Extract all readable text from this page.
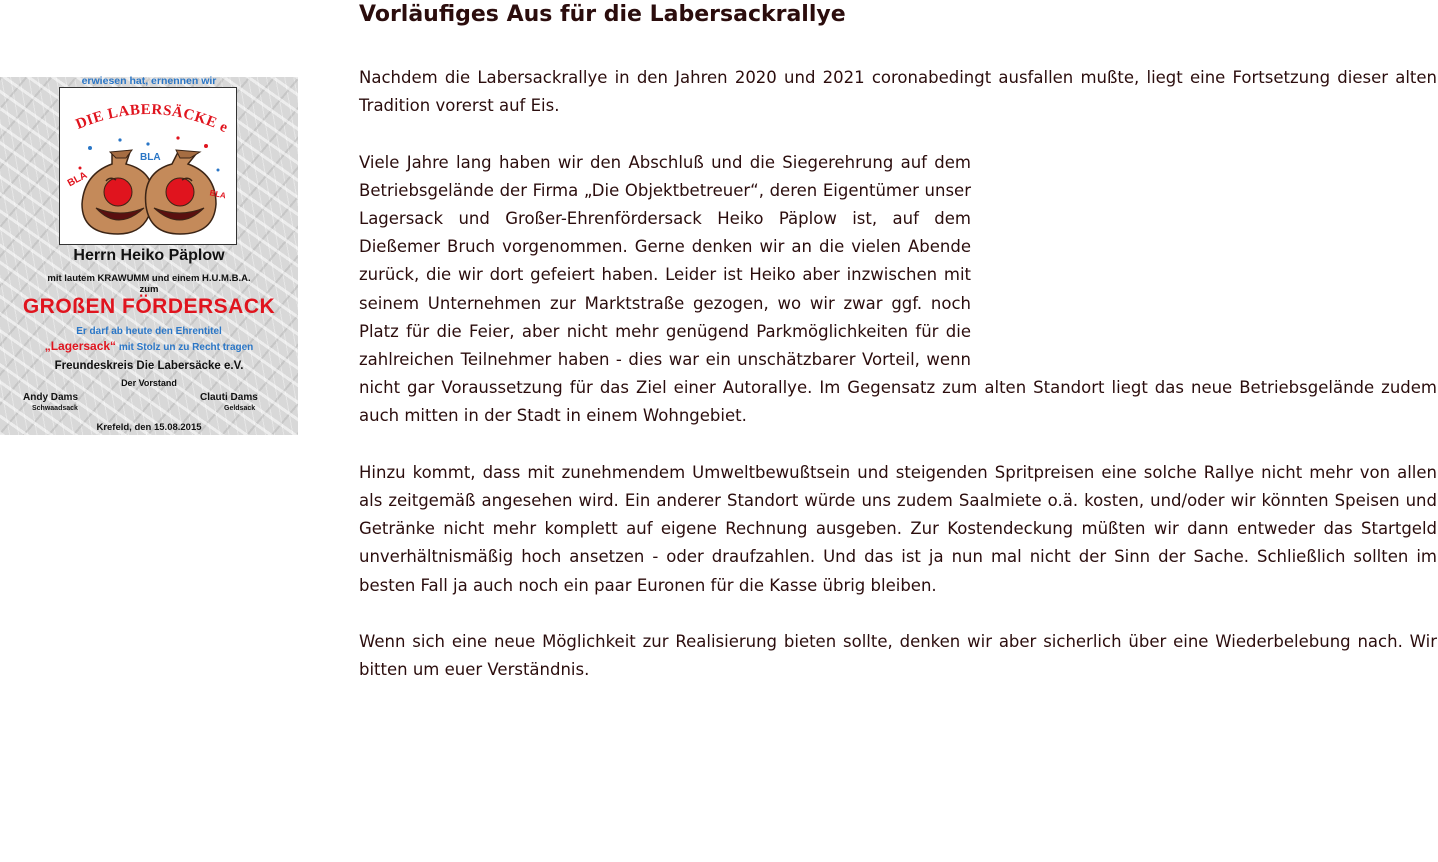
erwiesen hat, ernennen wir
DIE LABERSÄCKE e
BLA
BLA
BLA
Herrn Heiko Päplow
mit lautem KRAWUMM und einem H.U.M.B.A.
zum
GROßEN FÖRDERSACK
Er darf ab heute den Ehrentitel
„Lagersack“ mit Stolz un zu Recht tragen
Freundeskreis Die Labersäcke e.V.
Der Vorstand
Andy Dams
Schwaadsack
Clauti Dams
Geldsack
Krefeld, den 15.08.2015
Vorläufiges Aus für die Labersackrallye

Nachdem die Labersackrallye in den Jahren 2020 und 2021 coronabedingt ausfallen mußte, liegt eine Fortsetzung dieser alten Tradition vorerst auf Eis.

Viele Jahre lang haben wir den Abschluß und die Siegerehrung auf dem Betriebsgelände der Firma „Die Objektbetreuer“, deren Eigentümer unser Lagersack und Großer-Ehrenfördersack Heiko Päplow ist, auf dem Dießemer Bruch vorgenommen. Gerne denken wir an die vielen Abende zurück, die wir dort gefeiert haben. Leider ist Heiko aber inzwischen mit seinem Unternehmen zur Marktstraße gezogen, wo wir zwar ggf. noch Platz für die Feier, aber nicht mehr genügend Parkmöglichkeiten für die zahlreichen Teilnehmer haben - dies war ein unschätzbarer Vorteil, wenn nicht gar Voraussetzung für das Ziel einer Autorallye. Im Gegensatz zum alten Standort liegt das neue Betriebsgelände zudem auch mitten in der Stadt in einem Wohngebiet.

Hinzu kommt, dass mit zunehmendem Umweltbewußtsein und steigenden Spritpreisen eine solche Rallye nicht mehr von allen als zeitgemäß angesehen wird. Ein anderer Standort würde uns zudem Saalmiete o.ä. kosten, und/oder wir könnten Speisen und Getränke nicht mehr komplett auf eigene Rechnung ausgeben. Zur Kostendeckung müßten wir dann entweder das Startgeld unverhältnismäßig hoch ansetzen - oder draufzahlen. Und das ist ja nun mal nicht der Sinn der Sache. Schließlich sollten im besten Fall ja auch noch ein paar Euronen für die Kasse übrig bleiben.

Wenn sich eine neue Möglichkeit zur Realisierung bieten sollte, denken wir aber sicherlich über eine Wiederbelebung nach. Wir bitten um euer Verständnis.
